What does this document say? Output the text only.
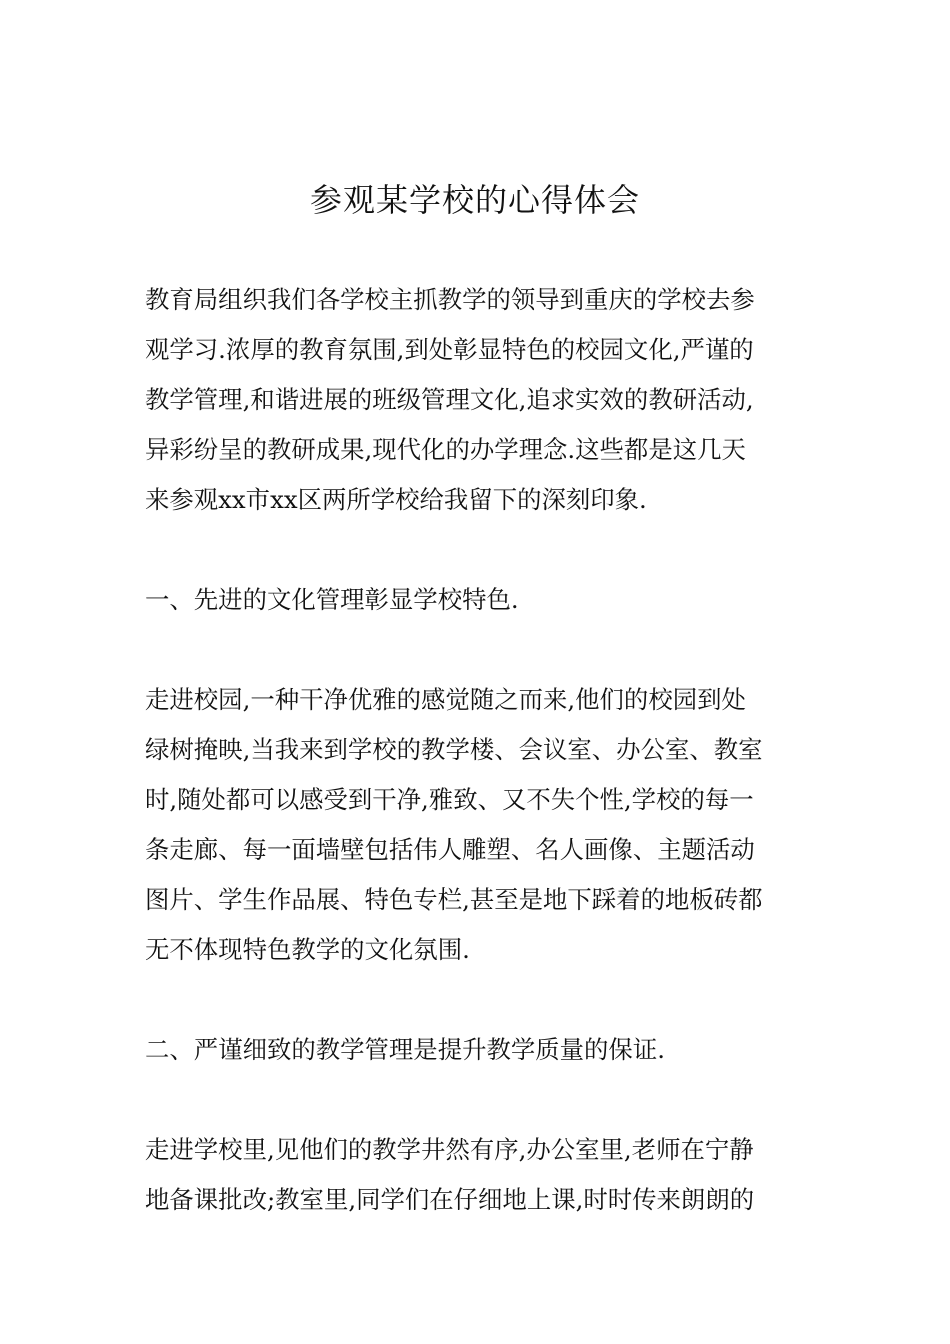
参观某学校的心得体会
教育局组织我们各学校主抓教学的领导到重庆的学校去参
观学习.浓厚的教育氛围,到处彰显特色的校园文化,严谨的
教学管理,和谐进展的班级管理文化,追求实效的教研活动,
异彩纷呈的教研成果,现代化的办学理念.这些都是这几天
来参观xx市xx区两所学校给我留下的深刻印象.
一、先进的文化管理彰显学校特色.
走进校园,一种干净优雅的感觉随之而来,他们的校园到处
绿树掩映,当我来到学校的教学楼、会议室、办公室、教室
时,随处都可以感受到干净,雅致、又不失个性,学校的每一
条走廊、每一面墙壁包括伟人雕塑、名人画像、主题活动
图片、学生作品展、特色专栏,甚至是地下踩着的地板砖都
无不体现特色教学的文化氛围.
二、严谨细致的教学管理是提升教学质量的保证.
走进学校里,见他们的教学井然有序,办公室里,老师在宁静
地备课批改;教室里,同学们在仔细地上课,时时传来朗朗的
